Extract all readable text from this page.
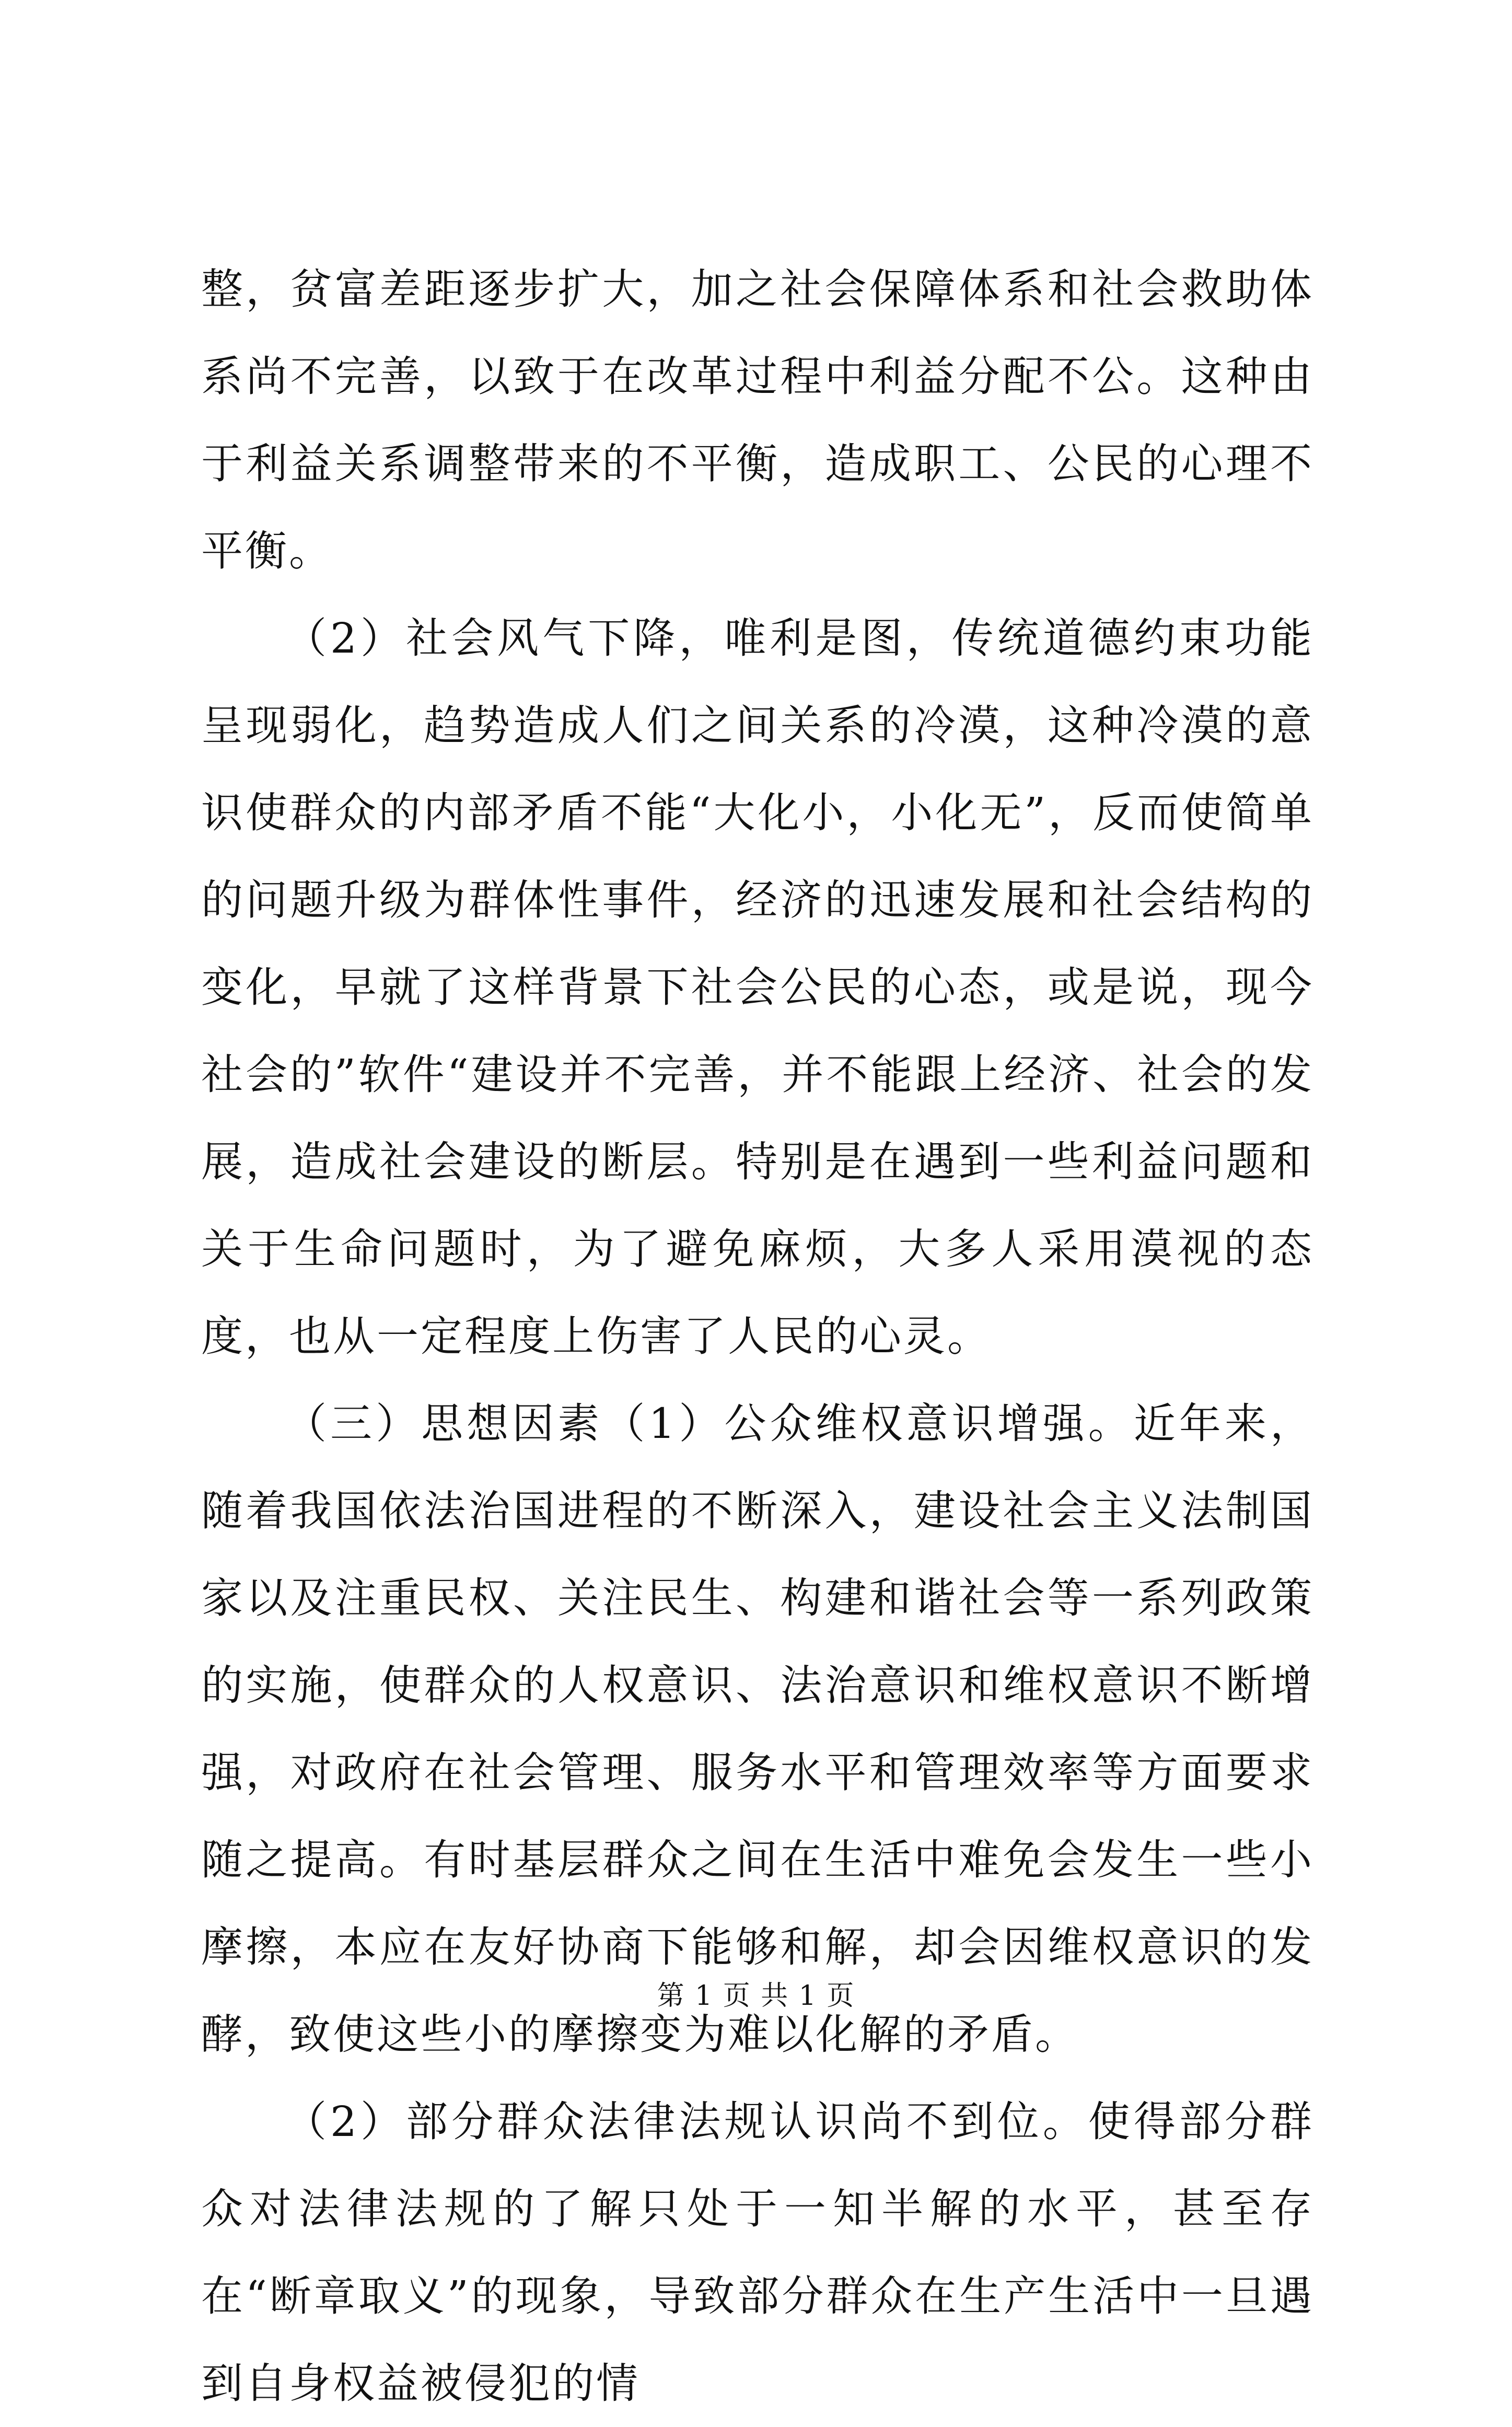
整，贫富差距逐步扩大，加之社会保障体系和社会救助体系尚不完善，以致于在改革过程中利益分配不公。这种由于利益关系调整带来的不平衡，造成职工、公民的心理不平衡。

（2）社会风气下降，唯利是图，传统道德约束功能呈现弱化，趋势造成人们之间关系的冷漠，这种冷漠的意识使群众的内部矛盾不能“大化小，小化无”，反而使简单的问题升级为群体性事件，经济的迅速发展和社会结构的变化，早就了这样背景下社会公民的心态，或是说，现今社会的”软件“建设并不完善，并不能跟上经济、社会的发展，造成社会建设的断层。特别是在遇到一些利益问题和关于生命问题时，为了避免麻烦，大多人采用漠视的态度，也从一定程度上伤害了人民的心灵。

（三）思想因素（1）公众维权意识增强。近年来，随着我国依法治国进程的不断深入，建设社会主义法制国家以及注重民权、关注民生、构建和谐社会等一系列政策的实施，使群众的人权意识、法治意识和维权意识不断增强，对政府在社会管理、服务水平和管理效率等方面要求随之提高。有时基层群众之间在生活中难免会发生一些小摩擦，本应在友好协商下能够和解，却会因维权意识的发酵，致使这些小的摩擦变为难以化解的矛盾。

（2）部分群众法律法规认识尚不到位。使得部分群众对法律法规的了解只处于一知半解的水平，甚至存在“断章取义”的现象，导致部分群众在生产生活中一旦遇到自身权益被侵犯的情

第 1 页 共 1 页
